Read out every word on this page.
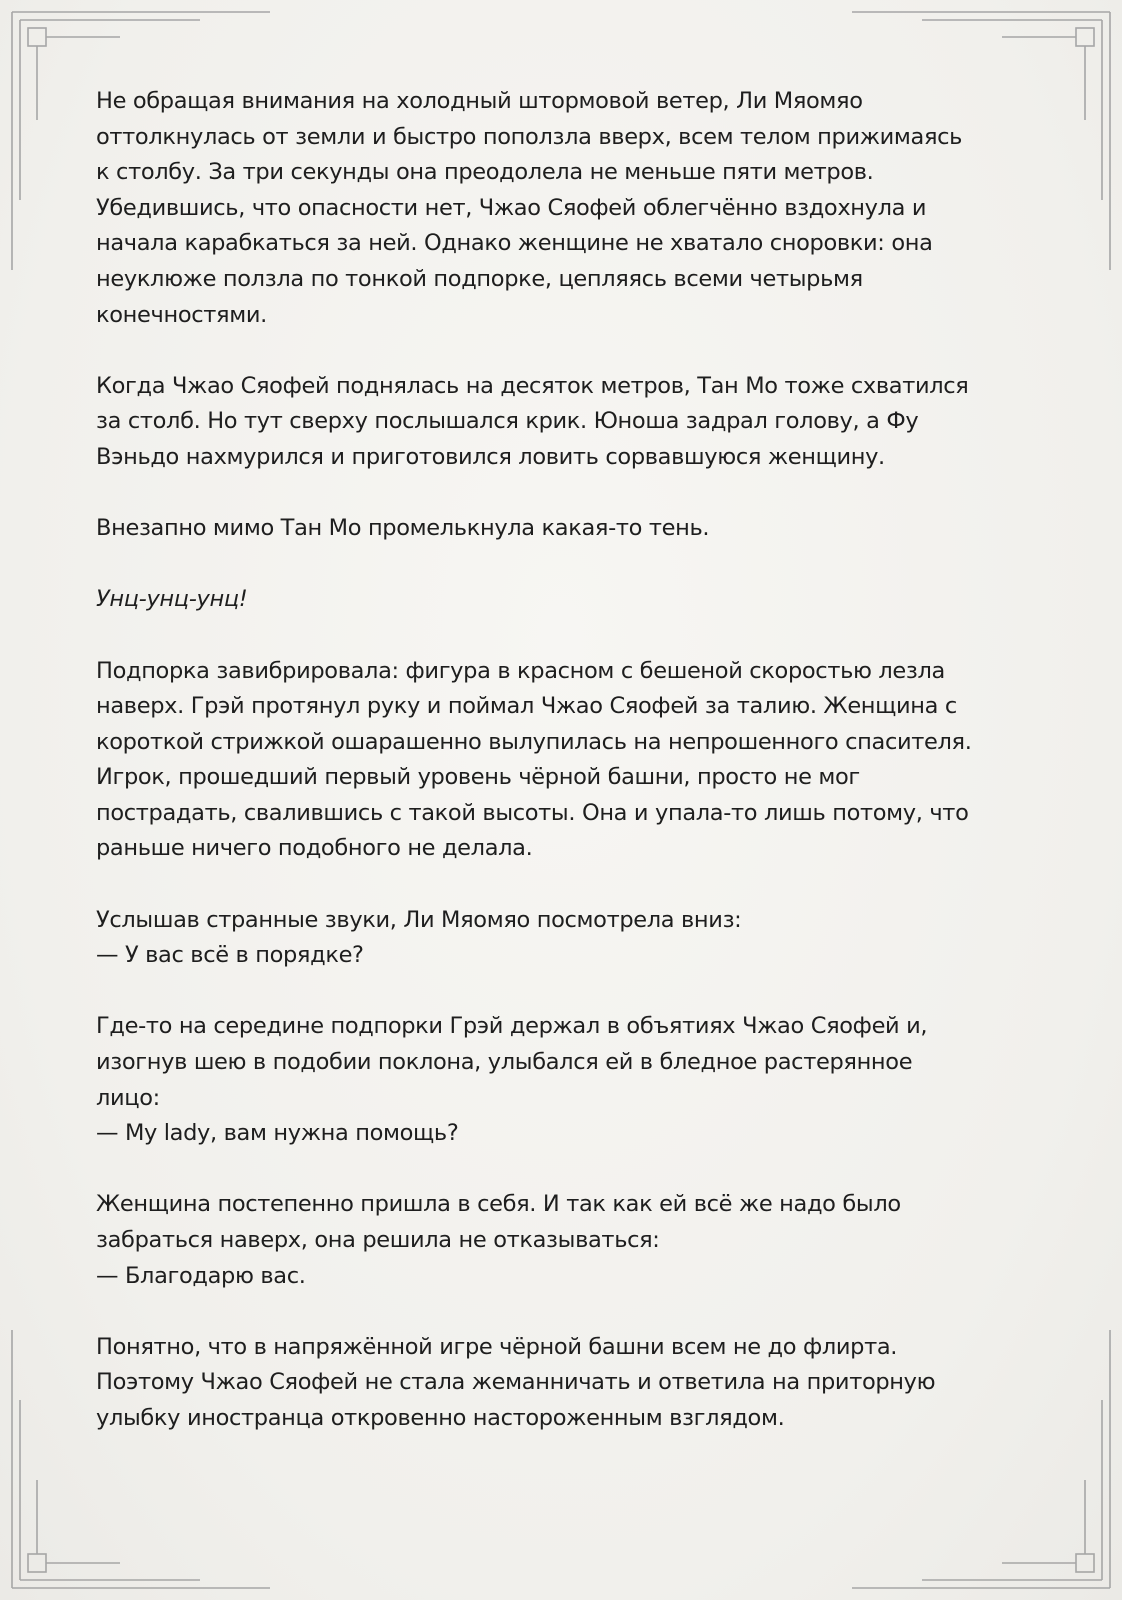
Не обращая внимания на холодный штормовой ветер, Ли Мяомяо
оттолкнулась от земли и быстро поползла вверх, всем телом прижимаясь
к столбу. За три секунды она преодолела не меньше пяти метров.
Убедившись, что опасности нет, Чжао Сяофей облегчённо вздохнула и
начала карабкаться за ней. Однако женщине не хватало сноровки: она
неуклюже ползла по тонкой подпорке, цепляясь всеми четырьмя
конечностями.

Когда Чжао Сяофей поднялась на десяток метров, Тан Мо тоже схватился
за столб. Но тут сверху послышался крик. Юноша задрал голову, а Фу
Вэньдо нахмурился и приготовился ловить сорвавшуюся женщину.

Внезапно мимо Тан Мо промелькнула какая-то тень.

Унц-унц-унц!

Подпорка завибрировала: фигура в красном с бешеной скоростью лезла
наверх. Грэй протянул руку и поймал Чжао Сяофей за талию. Женщина с
короткой стрижкой ошарашенно вылупилась на непрошенного спасителя.
Игрок, прошедший первый уровень чёрной башни, просто не мог
пострадать, свалившись с такой высоты. Она и упала-то лишь потому, что
раньше ничего подобного не делала.

Услышав странные звуки, Ли Мяомяо посмотрела вниз:
— У вас всё в порядке?

Где-то на середине подпорки Грэй держал в объятиях Чжао Сяофей и,
изогнув шею в подобии поклона, улыбался ей в бледное растерянное
лицо:
— My lady, вам нужна помощь?

Женщина постепенно пришла в себя. И так как ей всё же надо было
забраться наверх, она решила не отказываться:
— Благодарю вас.

Понятно, что в напряжённой игре чёрной башни всем не до флирта.
Поэтому Чжао Сяофей не стала жеманничать и ответила на приторную
улыбку иностранца откровенно настороженным взглядом.
